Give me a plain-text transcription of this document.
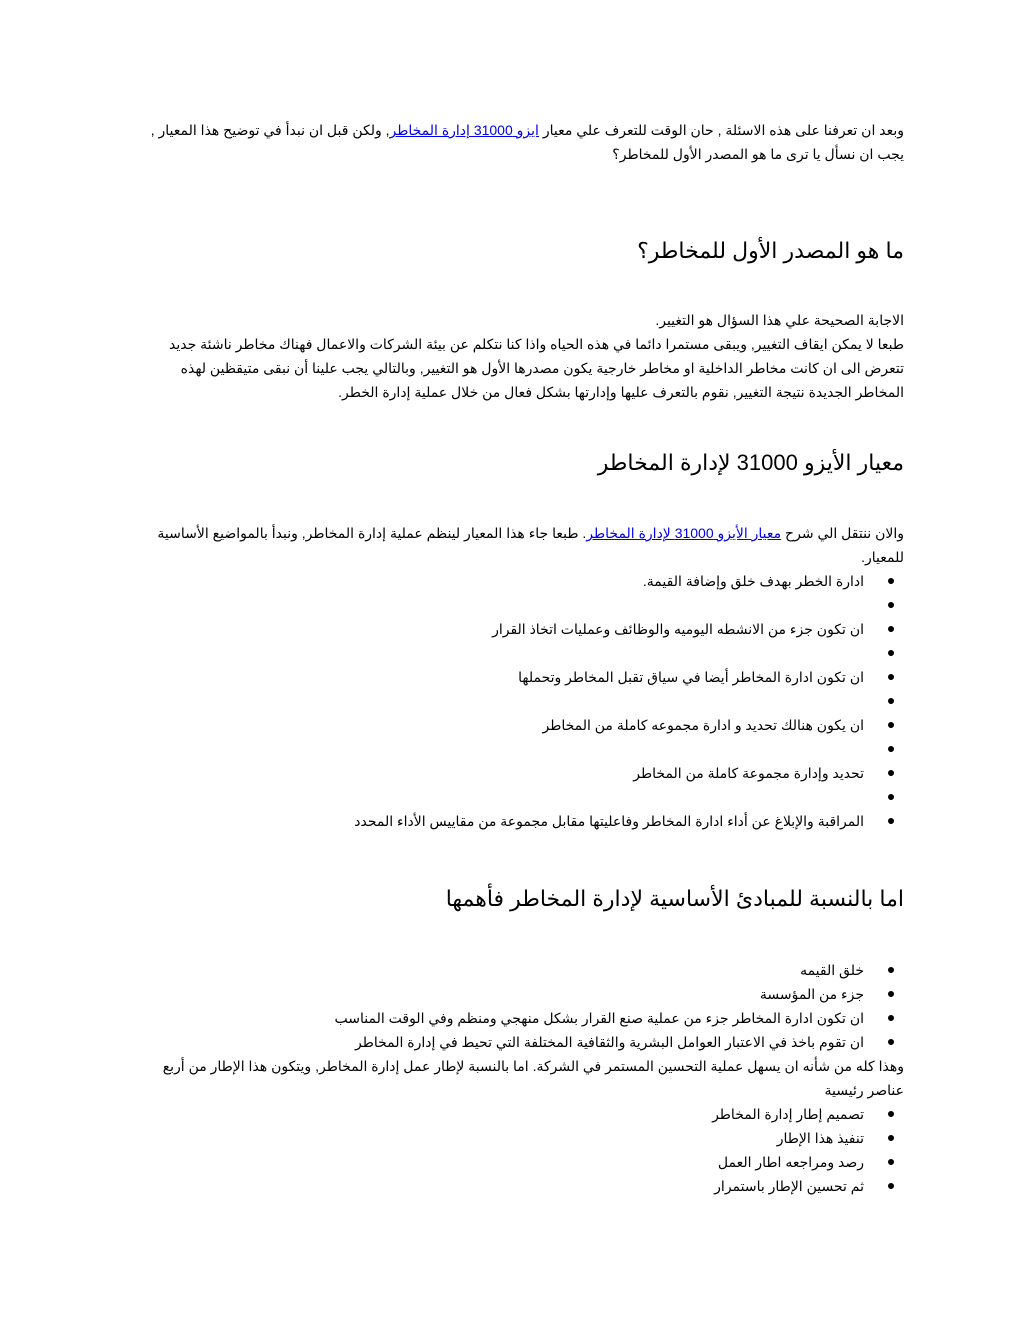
وبعد ان تعرفنا على هذه الاسئلة , حان الوقت للتعرف علي معيار ايزو 31000 إدارة المخاطر, ولكن قبل ان نبدأ في توضيح هذا المعيار , يجب ان نسأل يا ترى ما هو المصدر الأول للمخاطر؟

ما هو المصدر الأول للمخاطر؟

الاجابة الصحيحة علي هذا السؤال هو التغيير.

طبعا لا يمكن ايقاف التغيير, ويبقى مستمرا دائما في هذه الحياه واذا كنا نتكلم عن بيئة الشركات والاعمال فهناك مخاطر ناشئة جديد تتعرض الى ان كانت مخاطر الداخلية او مخاطر خارجية يكون مصدرها الأول هو التغيير, وبالتالي يجب علينا أن نبقى متيقظين لهذه المخاطر الجديدة نتيجة التغيير, نقوم بالتعرف عليها وإدارتها بشكل فعال من خلال عملية إدارة الخطر.

معيار الأيزو 31000 لإدارة المخاطر

والان ننتقل الي شرح معيار الأيزو 31000 لإدارة المخاطر. طبعا جاء هذا المعيار لينظم عملية إدارة المخاطر, ونبدأ بالمواضيع الأساسية للمعيار.

ادارة الخطر بهدف خلق وإضافة القيمة.
ان تكون جزء من الانشطه اليوميه والوظائف وعمليات اتخاذ القرار
ان تكون ادارة المخاطر أيضا في سياق تقبل المخاطر وتحملها
ان يكون هنالك تحديد و ادارة مجموعه كاملة من المخاطر
تحديد وإدارة مجموعة كاملة من المخاطر
المراقبة والإبلاغ عن أداء ادارة المخاطر وفاعليتها مقابل مجموعة من مقاييس الأداء المحدد
اما بالنسبة للمبادئ الأساسية لإدارة المخاطر فأهمها
خلق القيمه
جزء من المؤسسة
ان تكون ادارة المخاطر جزء من عملية صنع القرار بشكل منهجي ومنظم وفي الوقت المناسب
ان تقوم باخذ في الاعتبار العوامل البشرية والثقافية المختلفة التي تحيط في إدارة المخاطر

وهذا كله من شأنه ان يسهل عملية التحسين المستمر في الشركة. اما بالنسبة لإطار عمل إدارة المخاطر, ويتكون هذا الإطار من أربع عناصر رئيسية

تصميم إطار إدارة المخاطر
تنفيذ هذا الإطار
رصد ومراجعه اطار العمل
ثم تحسين الإطار باستمرار
